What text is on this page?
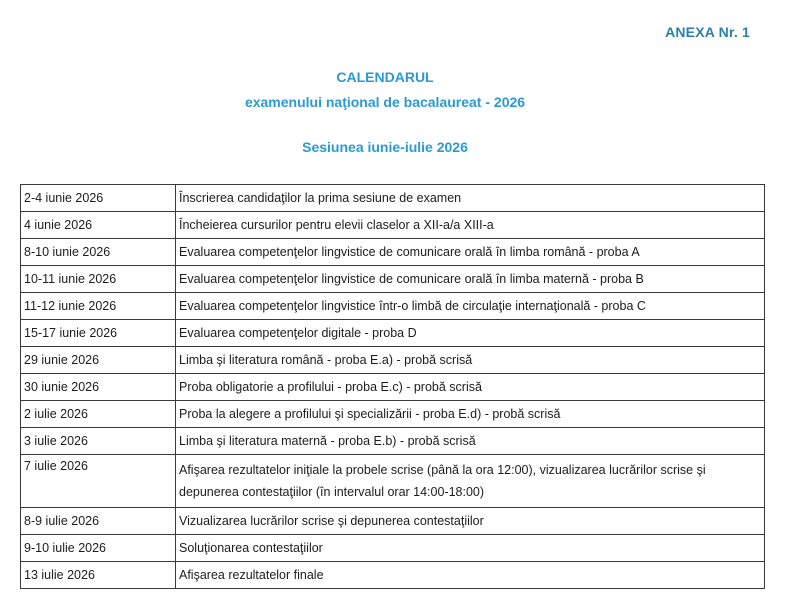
ANEXA Nr. 1
CALENDARUL
examenului naţional de bacalaureat - 2026
Sesiunea iunie-iulie 2026
2-4 iunie 2026	Înscrierea candidaţilor la prima sesiune de examen
4 iunie 2026	Încheierea cursurilor pentru elevii claselor a XII-a/a XIII-a
8-10 iunie 2026	Evaluarea competenţelor lingvistice de comunicare orală în limba română - proba A
10-11 iunie 2026	Evaluarea competenţelor lingvistice de comunicare orală în limba maternă - proba B
11-12 iunie 2026	Evaluarea competenţelor lingvistice într-o limbă de circulaţie internaţională - proba C
15-17 iunie 2026	Evaluarea competenţelor digitale - proba D
29 iunie 2026	Limba şi literatura română - proba E.a) - probă scrisă
30 iunie 2026	Proba obligatorie a profilului - proba E.c) - probă scrisă
2 iulie 2026	Proba la alegere a profilului şi specializării - proba E.d) - probă scrisă
3 iulie 2026	Limba şi literatura maternă - proba E.b) - probă scrisă
7 iulie 2026	Afişarea rezultatelor iniţiale la probele scrise (până la ora 12:00), vizualizarea lucrărilor scrise şi depunerea contestaţiilor (în intervalul orar 14:00-18:00)
8-9 iulie 2026	Vizualizarea lucrărilor scrise şi depunerea contestaţiilor
9-10 iulie 2026	Soluţionarea contestaţiilor
13 iulie 2026	Afişarea rezultatelor finale
